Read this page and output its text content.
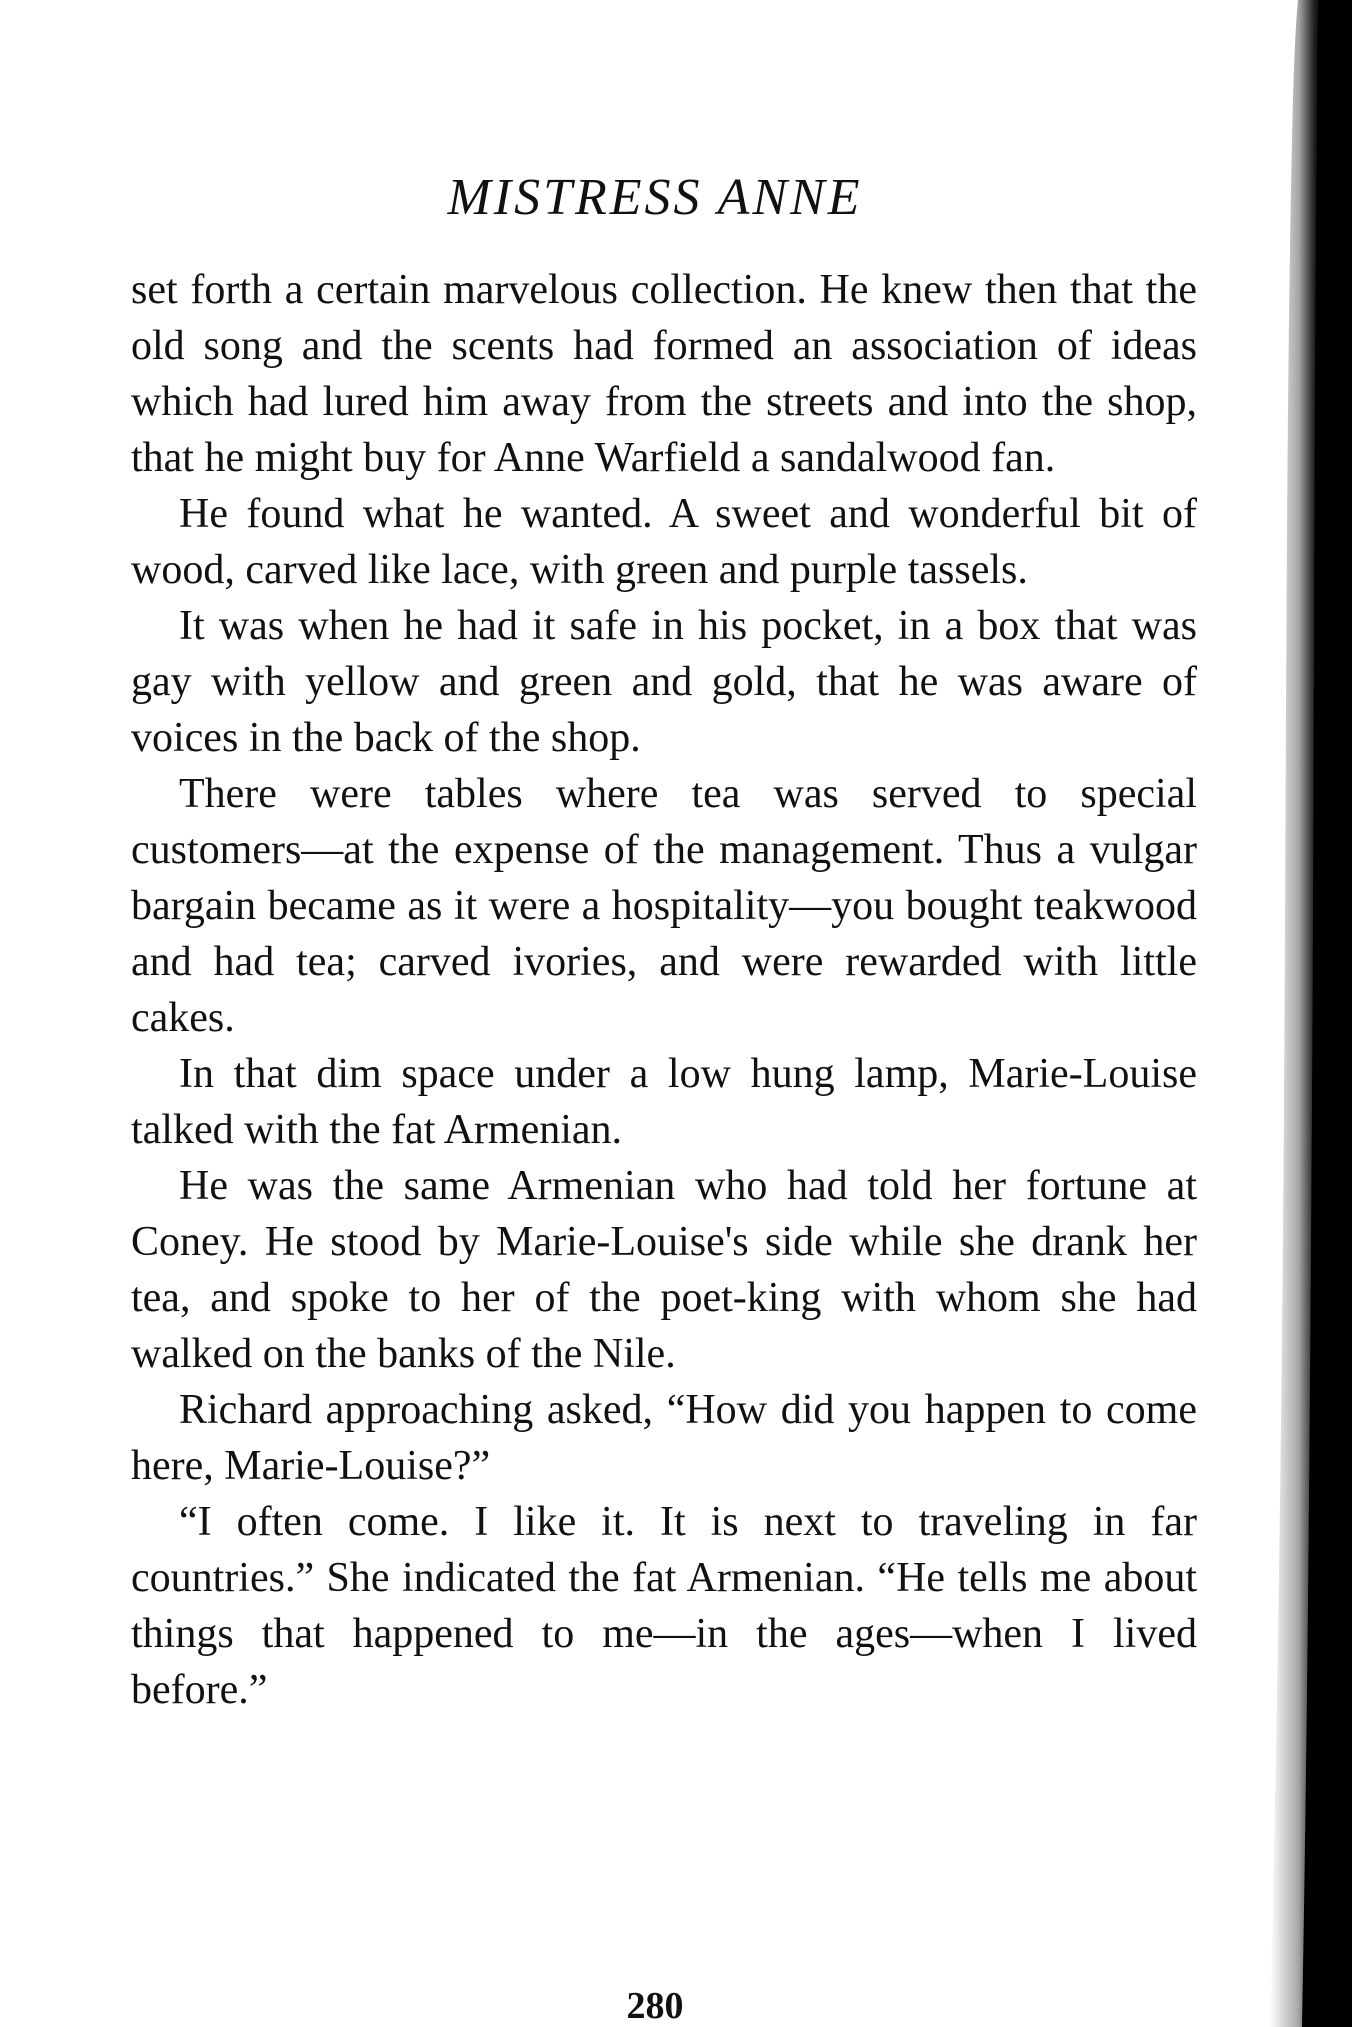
MISTRESS ANNE

set forth a certain marvelous collection. He knew then that the old song and the scents had formed an association of ideas which had lured him away from the streets and into the shop, that he might buy for Anne Warfield a sandalwood fan.

He found what he wanted. A sweet and wonderful bit of wood, carved like lace, with green and purple tassels.

It was when he had it safe in his pocket, in a box that was gay with yellow and green and gold, that he was aware of voices in the back of the shop.

There were tables where tea was served to special customers—at the expense of the management. Thus a vulgar bargain became as it were a hospitality—you bought teakwood and had tea; carved ivories, and were rewarded with little cakes.

In that dim space under a low hung lamp, Marie-Louise talked with the fat Armenian.

He was the same Armenian who had told her fortune at Coney. He stood by Marie-Louise's side while she drank her tea, and spoke to her of the poet-king with whom she had walked on the banks of the Nile.

Richard approaching asked, “How did you happen to come here, Marie-Louise?”

“I often come. I like it. It is next to traveling in far countries.” She indicated the fat Armenian. “He tells me about things that happened to me—in the ages—when I lived before.”

280
